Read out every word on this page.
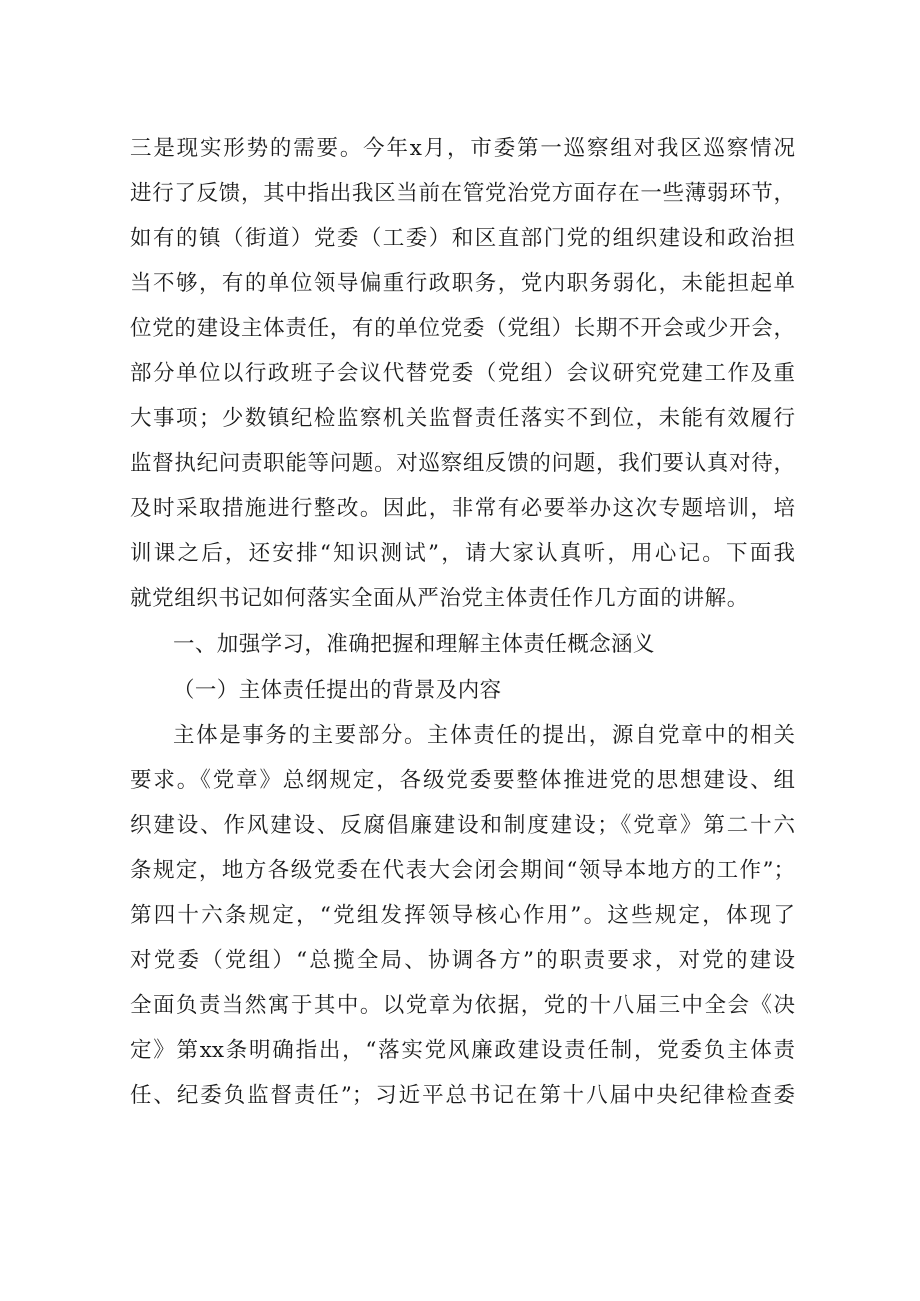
三是现实形势的需要。今年x月，市委第一巡察组对我区巡察情况
进行了反馈，其中指出我区当前在管党治党方面存在一些薄弱环节，
如有的镇（街道）党委（工委）和区直部门党的组织建设和政治担
当不够，有的单位领导偏重行政职务，党内职务弱化，未能担起单
位党的建设主体责任，有的单位党委（党组）长期不开会或少开会，
部分单位以行政班子会议代替党委（党组）会议研究党建工作及重
大事项；少数镇纪检监察机关监督责任落实不到位，未能有效履行
监督执纪问责职能等问题。对巡察组反馈的问题，我们要认真对待，
及时采取措施进行整改。因此，非常有必要举办这次专题培训，培
训课之后，还安排“知识测试”，请大家认真听，用心记。下面我
就党组织书记如何落实全面从严治党主体责任作几方面的讲解。
一、加强学习，准确把握和理解主体责任概念涵义
（一）主体责任提出的背景及内容
主体是事务的主要部分。主体责任的提出，源自党章中的相关
要求。《党章》总纲规定，各级党委要整体推进党的思想建设、组
织建设、作风建设、反腐倡廉建设和制度建设；《党章》第二十六
条规定，地方各级党委在代表大会闭会期间“领导本地方的工作”；
第四十六条规定，“党组发挥领导核心作用”。这些规定，体现了
对党委（党组）“总揽全局、协调各方”的职责要求，对党的建设
全面负责当然寓于其中。以党章为依据，党的十八届三中全会《决
定》第xx条明确指出，“落实党风廉政建设责任制，党委负主体责
任、纪委负监督责任”；习近平总书记在第十八届中央纪律检查委
